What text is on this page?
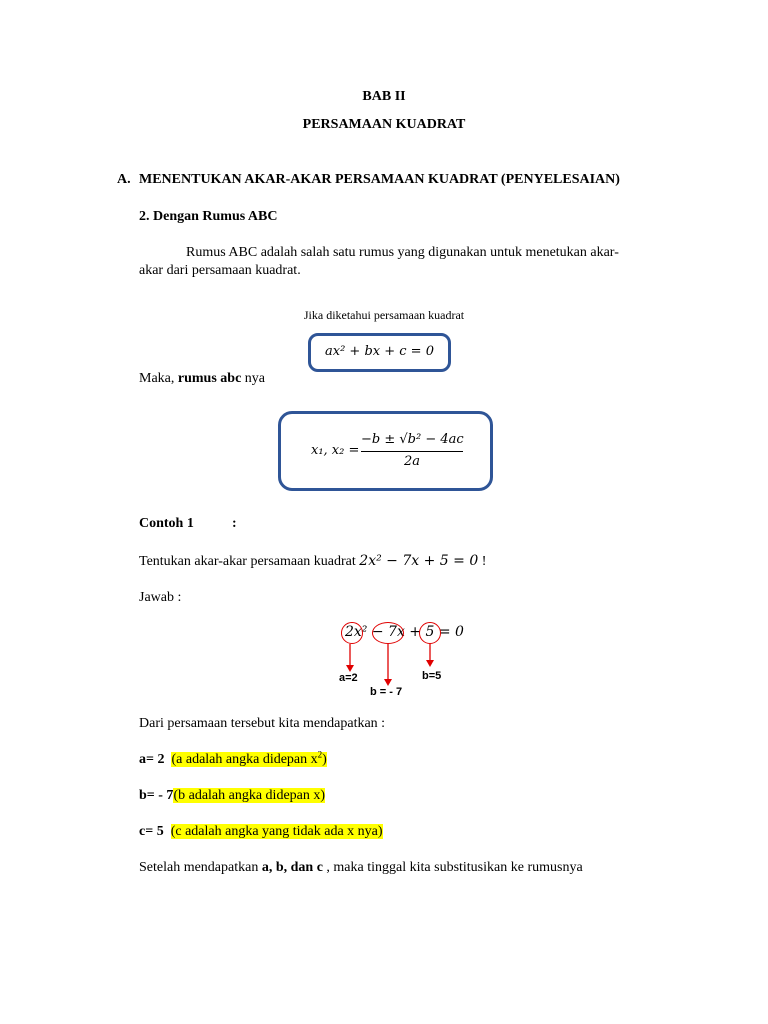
BAB II
PERSAMAAN KUADRAT
A. MENENTUKAN AKAR-AKAR PERSAMAAN KUADRAT (PENYELESAIAN)
2. Dengan Rumus ABC
Rumus ABC adalah salah satu rumus yang digunakan untuk menetukan akar-
akar dari persamaan kuadrat.
Jika diketahui persamaan kuadrat
ax² + bx + c = 0
Maka, rumus abc nya
x₁, x₂ =
−b ± √b² − 4ac
2a
Contoh 1	:
Tentukan akar-akar persamaan kuadrat 2x² − 7x + 5 = 0 !
Jawab :
2x² − 7x + 5 = 0
a=2
b = - 7
b=5
Dari persamaan tersebut kita mendapatkan :
a= 2 (a adalah angka didepan $x^2$)
b= - 7(b adalah angka didepan x)
c= 5 (c adalah angka yang tidak ada x nya)
Setelah mendapatkan a, b, dan c , maka tinggal kita substitusikan ke rumusnya
